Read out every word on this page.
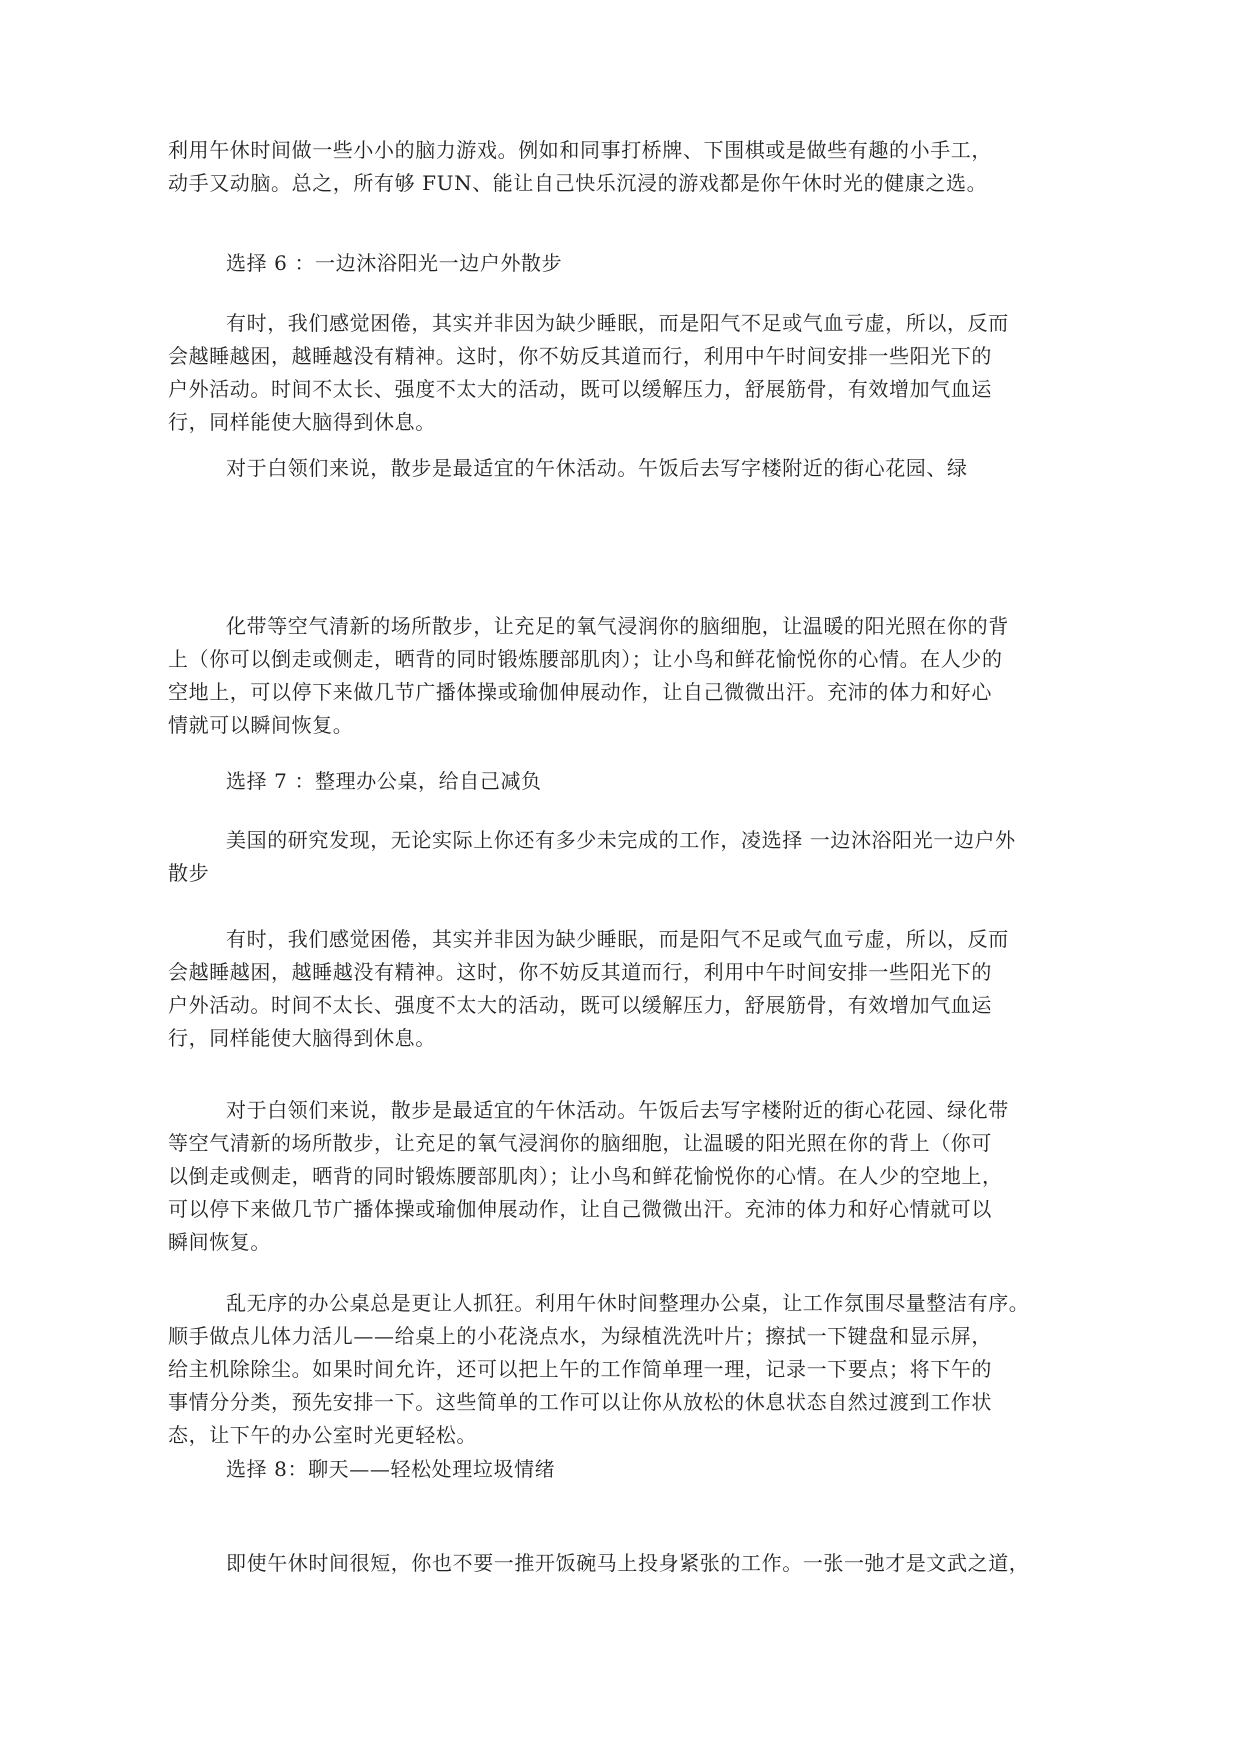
利用午休时间做一些小小的脑力游戏。例如和同事打桥牌、下围棋或是做些有趣的小手工，
动手又动脑。总之，所有够 FUN、能让自己快乐沉浸的游戏都是你午休时光的健康之选。
选择 6 ：一边沐浴阳光一边户外散步
有时，我们感觉困倦，其实并非因为缺少睡眠，而是阳气不足或气血亏虚，所以，反而
会越睡越困，越睡越没有精神。这时，你不妨反其道而行，利用中午时间安排一些阳光下的
户外活动。时间不太长、强度不太大的活动，既可以缓解压力，舒展筋骨，有效增加气血运
行，同样能使大脑得到休息。
对于白领们来说，散步是最适宜的午休活动。午饭后去写字楼附近的街心花园、绿
化带等空气清新的场所散步，让充足的氧气浸润你的脑细胞，让温暖的阳光照在你的背
上（你可以倒走或侧走，晒背的同时锻炼腰部肌肉）；让小鸟和鲜花愉悦你的心情。在人少的
空地上，可以停下来做几节广播体操或瑜伽伸展动作，让自己微微出汗。充沛的体力和好心
情就可以瞬间恢复。
选择 7 ：整理办公桌，给自己减负
美国的研究发现，无论实际上你还有多少未完成的工作，凌选择 一边沐浴阳光一边户外
散步
有时，我们感觉困倦，其实并非因为缺少睡眠，而是阳气不足或气血亏虚，所以，反而
会越睡越困，越睡越没有精神。这时，你不妨反其道而行，利用中午时间安排一些阳光下的
户外活动。时间不太长、强度不太大的活动，既可以缓解压力，舒展筋骨，有效增加气血运
行，同样能使大脑得到休息。
对于白领们来说，散步是最适宜的午休活动。午饭后去写字楼附近的街心花园、绿化带
等空气清新的场所散步，让充足的氧气浸润你的脑细胞，让温暖的阳光照在你的背上（你可
以倒走或侧走，晒背的同时锻炼腰部肌肉）；让小鸟和鲜花愉悦你的心情。在人少的空地上，
可以停下来做几节广播体操或瑜伽伸展动作，让自己微微出汗。充沛的体力和好心情就可以
瞬间恢复。
乱无序的办公桌总是更让人抓狂。利用午休时间整理办公桌，让工作氛围尽量整洁有序。
顺手做点儿体力活儿——给桌上的小花浇点水，为绿植洗洗叶片；擦拭一下键盘和显示屏，
给主机除除尘。如果时间允许，还可以把上午的工作简单理一理，记录一下要点；将下午的
事情分分类，预先安排一下。这些简单的工作可以让你从放松的休息状态自然过渡到工作状
态，让下午的办公室时光更轻松。
选择 8：聊天——轻松处理垃圾情绪
即使午休时间很短，你也不要一推开饭碗马上投身紧张的工作。一张一弛才是文武之道，
